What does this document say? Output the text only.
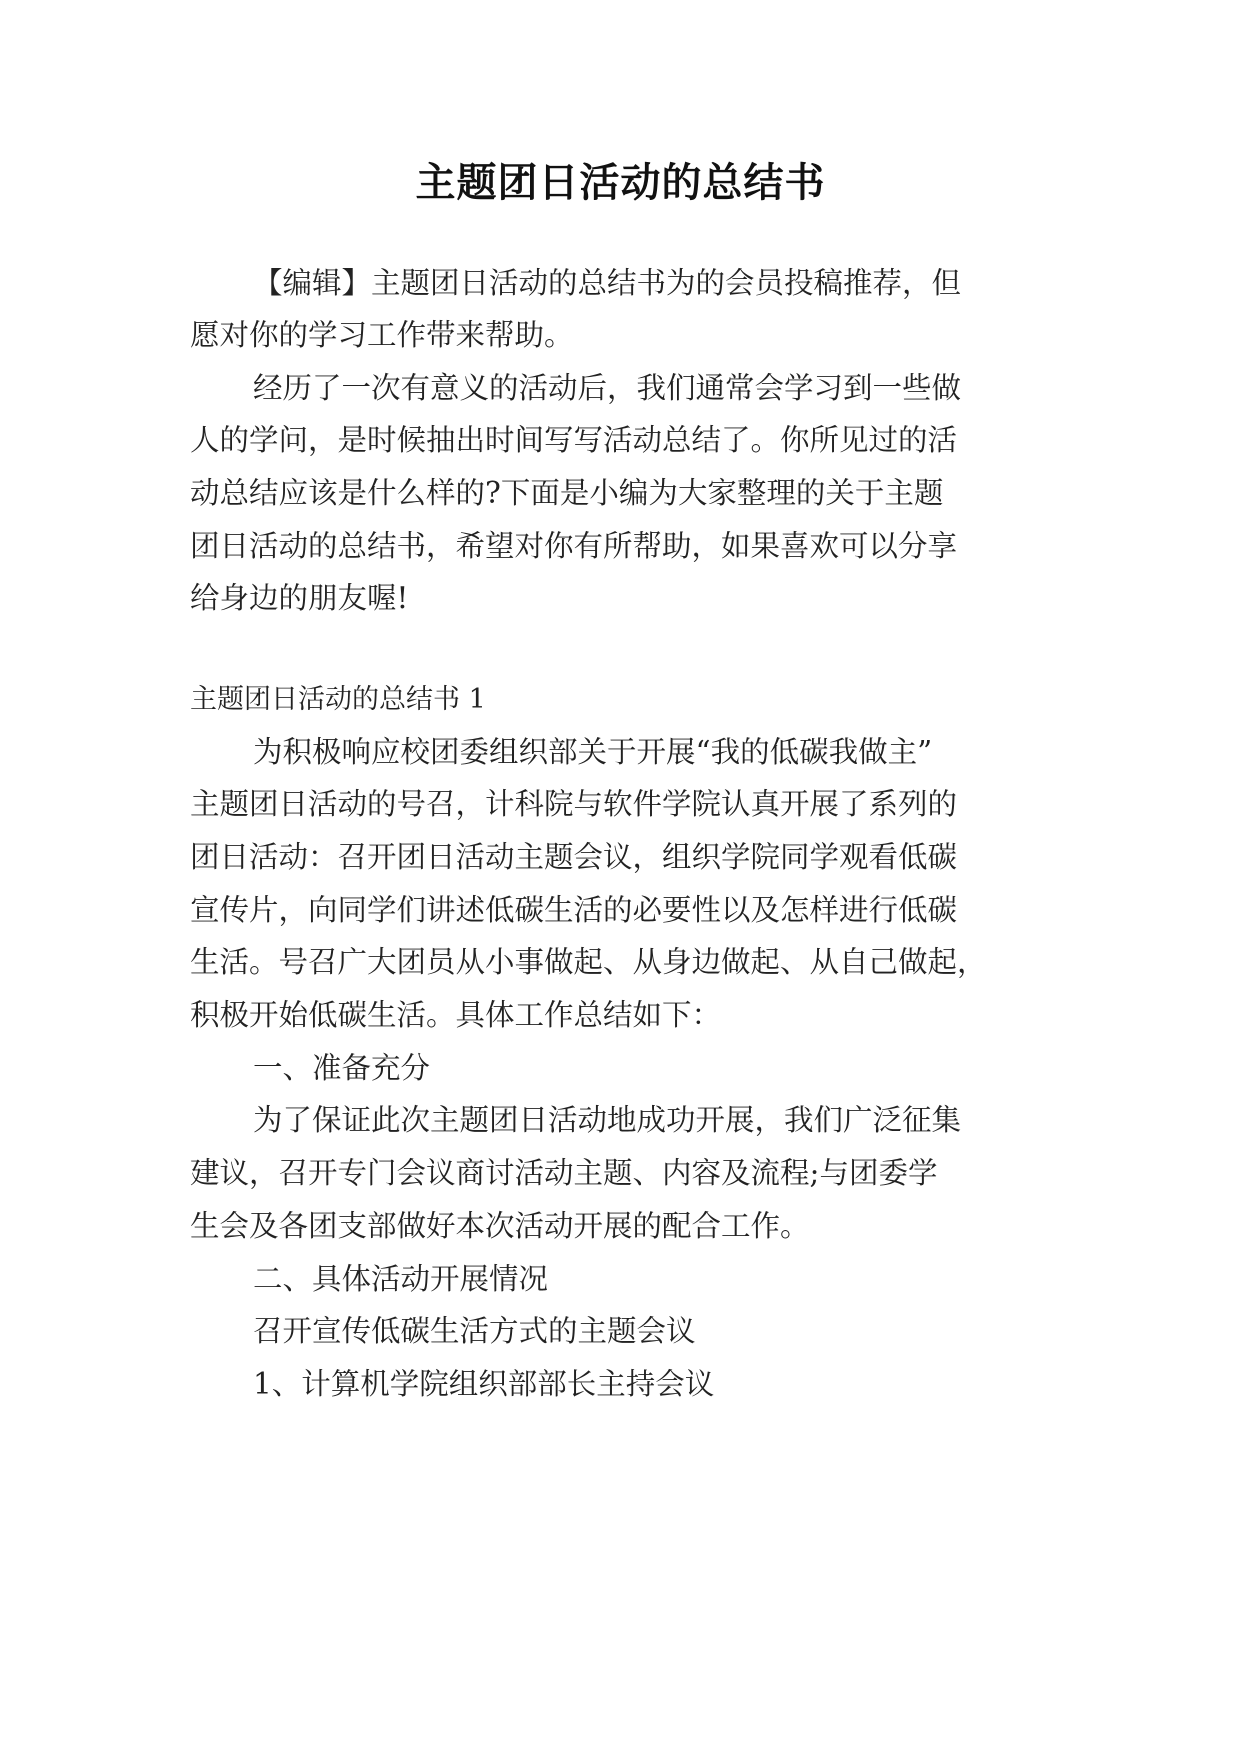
主题团日活动的总结书
【编辑】主题团日活动的总结书为的会员投稿推荐，但
愿对你的学习工作带来帮助。
经历了一次有意义的活动后，我们通常会学习到一些做
人的学问，是时候抽出时间写写活动总结了。你所见过的活
动总结应该是什么样的?下面是小编为大家整理的关于主题
团日活动的总结书，希望对你有所帮助，如果喜欢可以分享
给身边的朋友喔!
主题团日活动的总结书 1
为积极响应校团委组织部关于开展“我的低碳我做主”
主题团日活动的号召，计科院与软件学院认真开展了系列的
团日活动：召开团日活动主题会议，组织学院同学观看低碳
宣传片，向同学们讲述低碳生活的必要性以及怎样进行低碳
生活。号召广大团员从小事做起、从身边做起、从自己做起，
积极开始低碳生活。具体工作总结如下：
一、准备充分
为了保证此次主题团日活动地成功开展，我们广泛征集
建议，召开专门会议商讨活动主题、内容及流程;与团委学
生会及各团支部做好本次活动开展的配合工作。
二、具体活动开展情况
召开宣传低碳生活方式的主题会议
1、计算机学院组织部部长主持会议
